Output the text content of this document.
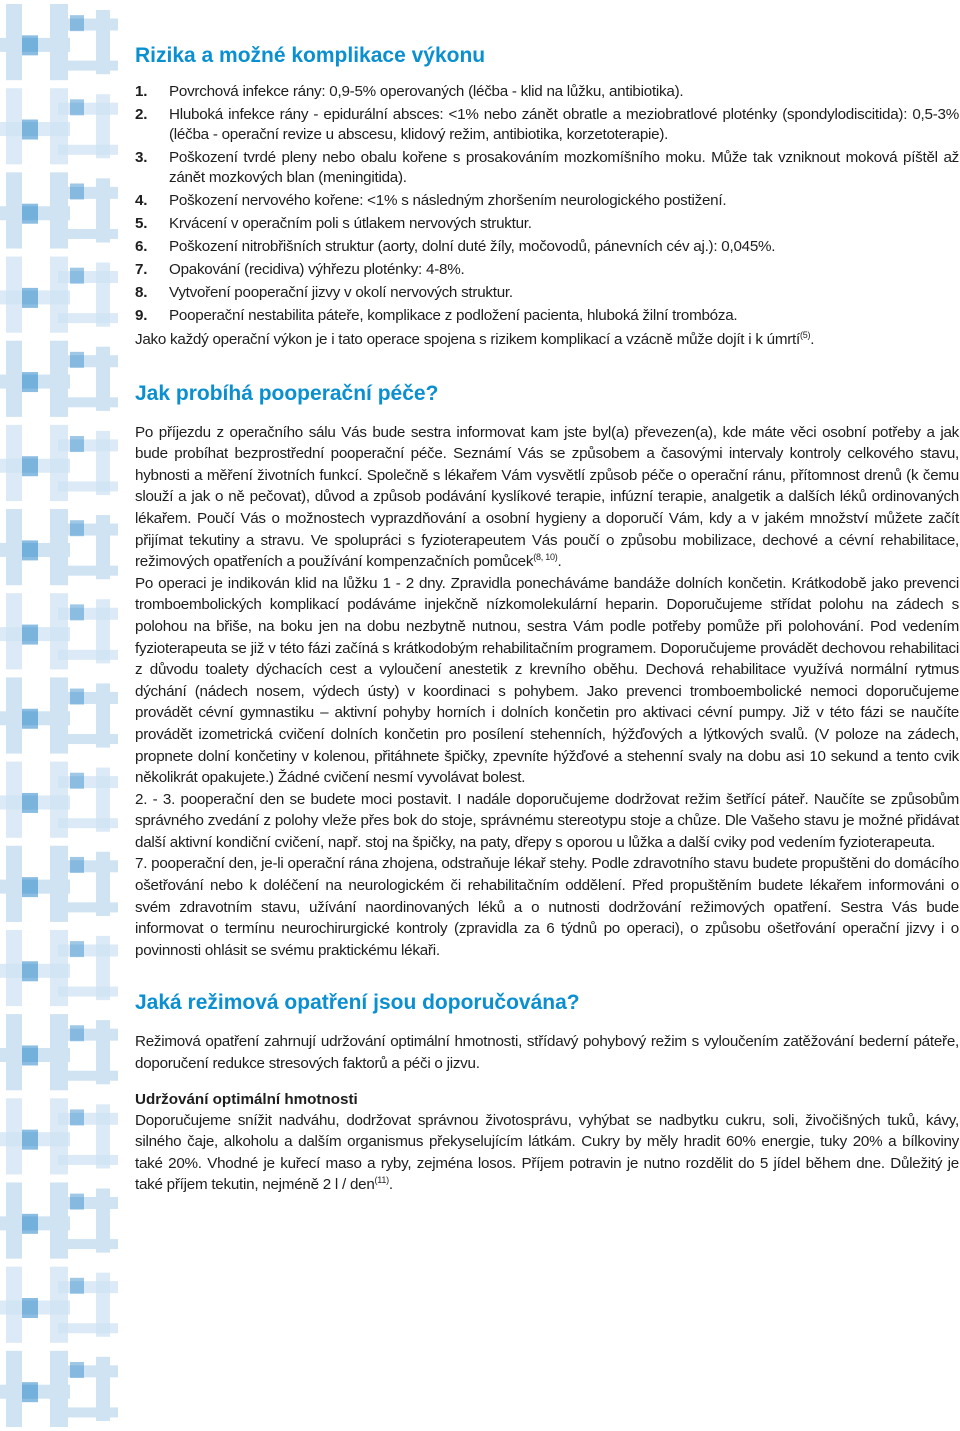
Rizika a možné komplikace výkonu
1.	Povrchová infekce rány: 0,9-5% operovaných (léčba - klid na lůžku, antibiotika).
2.	Hluboká infekce rány - epidurální absces: <1% nebo zánět obratle a meziobratlové ploténky (spondylodiscitida): 0,5-3% (léčba - operační revize u abscesu, klidový režim, antibiotika, korzetoterapie).
3.	Poškození tvrdé pleny nebo obalu kořene s prosakováním mozkomíšního moku. Může tak vzniknout moková píštěl až zánět mozkových blan (meningitida).
4.	Poškození nervového kořene: <1% s následným zhoršením neurologického postižení.
5.	Krvácení v operačním poli s útlakem nervových struktur.
6.	Poškození nitrobřišních struktur (aorty, dolní duté žíly, močovodů, pánevních cév aj.): 0,045%.
7.	Opakování (recidiva) výhřezu ploténky: 4-8%.
8.	Vytvoření pooperační jizvy v okolí nervových struktur.
9.	Pooperační nestabilita páteře, komplikace z podložení pacienta, hluboká žilní trombóza.

Jako každý operační výkon je i tato operace spojena s rizikem komplikací a vzácně může dojít i k úmrtí$^{(5)}$.

Jak probíhá pooperační péče?

Po příjezdu z operačního sálu Vás bude sestra informovat kam jste byl(a) převezen(a), kde máte věci osobní potřeby a jak bude probíhat bezprostřední pooperační péče. Seznámí Vás se způsobem a časovými intervaly kontroly celkového stavu, hybnosti a měření životních funkcí. Společně s lékařem Vám vysvětlí způsob péče o operační ránu, přítomnost drenů (k čemu slouží a jak o ně pečovat), důvod a způsob podávání kyslíkové terapie, infúzní terapie, analgetik a dalších léků ordinovaných lékařem. Poučí Vás o možnostech vyprazdňování a osobní hygieny a doporučí Vám, kdy a v jakém množství můžete začít přijímat tekutiny a stravu. Ve spolupráci s fyzioterapeutem Vás poučí o způsobu mobilizace, dechové a cévní rehabilitace, režimových opatřeních a používání kompenzačních pomůcek$^{(8, 10)}$.

Po operaci je indikován klid na lůžku 1 - 2 dny. Zpravidla ponecháváme bandáže dolních končetin. Krátkodobě jako prevenci tromboembolických komplikací podáváme injekčně nízkomolekulární heparin. Doporučujeme střídat polohu na zádech s polohou na břiše, na boku jen na dobu nezbytně nutnou, sestra Vám podle potřeby pomůže při polohování. Pod vedením fyzioterapeuta se již v této fázi začíná s krátkodobým rehabilitačním programem. Doporučujeme provádět dechovou rehabilitaci z důvodu toalety dýchacích cest a vyloučení anestetik z krevního oběhu. Dechová rehabilitace využívá normální rytmus dýchání (nádech nosem, výdech ústy) v koordinaci s pohybem. Jako prevenci tromboembolické nemoci doporučujeme provádět cévní gymnastiku – aktivní pohyby horních i dolních končetin pro aktivaci cévní pumpy. Již v této fázi se naučíte provádět izometrická cvičení dolních končetin pro posílení stehenních, hýžďových a lýtkových svalů. (V poloze na zádech, propnete dolní končetiny v kolenou, přitáhnete špičky, zpevníte hýžďové a stehenní svaly na dobu asi 10 sekund a tento cvik několikrát opakujete.) Žádné cvičení nesmí vyvolávat bolest.

2. - 3. pooperační den se budete moci postavit. I nadále doporučujeme dodržovat režim šetřící páteř. Naučíte se způsobům správného zvedání z polohy vleže přes bok do stoje, správnému stereotypu stoje a chůze. Dle Vašeho stavu je možné přidávat další aktivní kondiční cvičení, např. stoj na špičky, na paty, dřepy s oporou u lůžka a další cviky pod vedením fyzioterapeuta.

7. pooperační den, je-li operační rána zhojena, odstraňuje lékař stehy. Podle zdravotního stavu budete propuštěni do domácího ošetřování nebo k doléčení na neurologickém či rehabilitačním oddělení. Před propuštěním budete lékařem informováni o svém zdravotním stavu, užívání naordinovaných léků a o nutnosti dodržování režimových opatření. Sestra Vás bude informovat o termínu neurochirurgické kontroly (zpravidla za 6 týdnů po operaci), o způsobu ošetřování operační jizvy i o povinnosti ohlásit se svému praktickému lékaři.

Jaká režimová opatření jsou doporučována?

Režimová opatření zahrnují udržování optimální hmotnosti, střídavý pohybový režim s vyloučením zatěžování bederní páteře, doporučení redukce stresových faktorů a péči o jizvu.

Udržování optimální hmotnosti

Doporučujeme snížit nadváhu, dodržovat správnou životosprávu, vyhýbat se nadbytku cukru, soli, živočišných tuků, kávy, silného čaje, alkoholu a dalším organismus překyselujícím látkám. Cukry by měly hradit 60% energie, tuky 20% a bílkoviny také 20%. Vhodné je kuřecí maso a ryby, zejména losos. Příjem potravin je nutno rozdělit do 5 jídel během dne. Důležitý je také příjem tekutin, nejméně 2 l / den$^{(11)}$.
